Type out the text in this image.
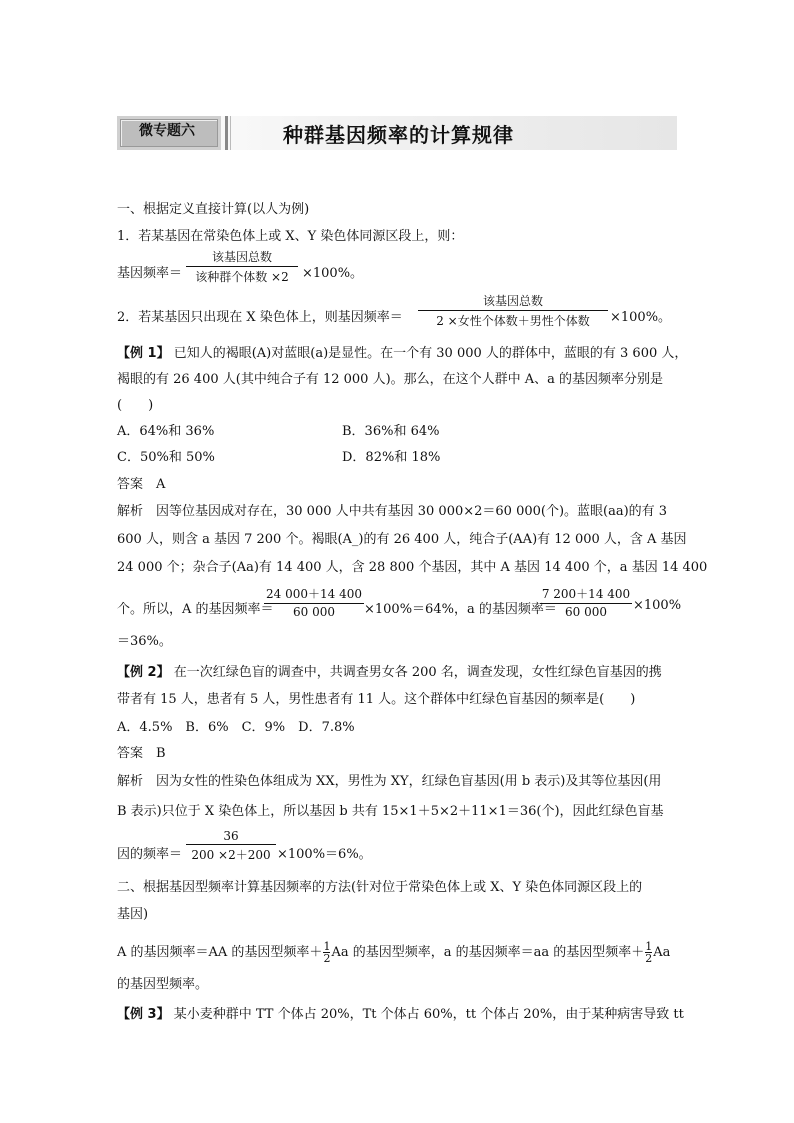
微专题六	种群基因频率的计算规律
一、根据定义直接计算(以人为例)
1．若某基因在常染色体上或 X、Y 染色体同源区段上，则：
基因频率＝
该基因总数
该种群个体数 ×2	×100%。
2．若某基因只出现在 X 染色体上，则基因频率＝
该基因总数
2 ×女性个体数＋男性个体数	×100%。
【例 1】 已知人的褐眼(A)对蓝眼(a)是显性。在一个有 30 000 人的群体中，蓝眼的有 3 600 人，
褐眼的有 26 400 人(其中纯合子有 12 000 人)。那么，在这个人群中 A、a 的基因频率分别是
(　　)
A．64%和 36%	B．36%和 64%
C．50%和 50%	D．82%和 18%
答案　A
解析　因等位基因成对存在，30 000 人中共有基因 30 000×2＝60 000(个)。蓝眼(aa)的有 3
600 人，则含 a 基因 7 200 个。褐眼(A_)的有 26 400 人，纯合子(AA)有 12 000 人，含 A 基因
24 000 个；杂合子(Aa)有 14 400 人，含 28 800 个基因，其中 A 基因 14 400 个，a 基因 14 400
个。所以，A 的基因频率＝
24 000＋14 400
60 000	×100%＝64%，a 的基因频率＝
7 200＋14 400
60 000	×100%
＝36%。
【例 2】 在一次红绿色盲的调查中，共调查男女各 200 名，调查发现，女性红绿色盲基因的携
带者有 15 人，患者有 5 人，男性患者有 11 人。这个群体中红绿色盲基因的频率是(　　)
A．4.5%　B．6%　C．9%　D．7.8%
答案　B
解析　因为女性的性染色体组成为 XX，男性为 XY，红绿色盲基因(用 b 表示)及其等位基因(用
B 表示)只位于 X 染色体上，所以基因 b 共有 15×1＋5×2＋11×1＝36(个)，因此红绿色盲基
因的频率＝
36
200 ×2＋200 ×100%＝6%。
二、根据基因型频率计算基因频率的方法(针对位于常染色体上或 X、Y 染色体同源区段上的
基因)
A 的基因频率＝AA 的基因型频率＋ $\frac{1}{2}$ Aa 的基因型频率，a 的基因频率＝aa 的基因型频率＋ $\frac{1}{2}$ Aa
的基因型频率。
【例 3】 某小麦种群中 TT 个体占 20%，Tt 个体占 60%，tt 个体占 20%，由于某种病害导致 tt
